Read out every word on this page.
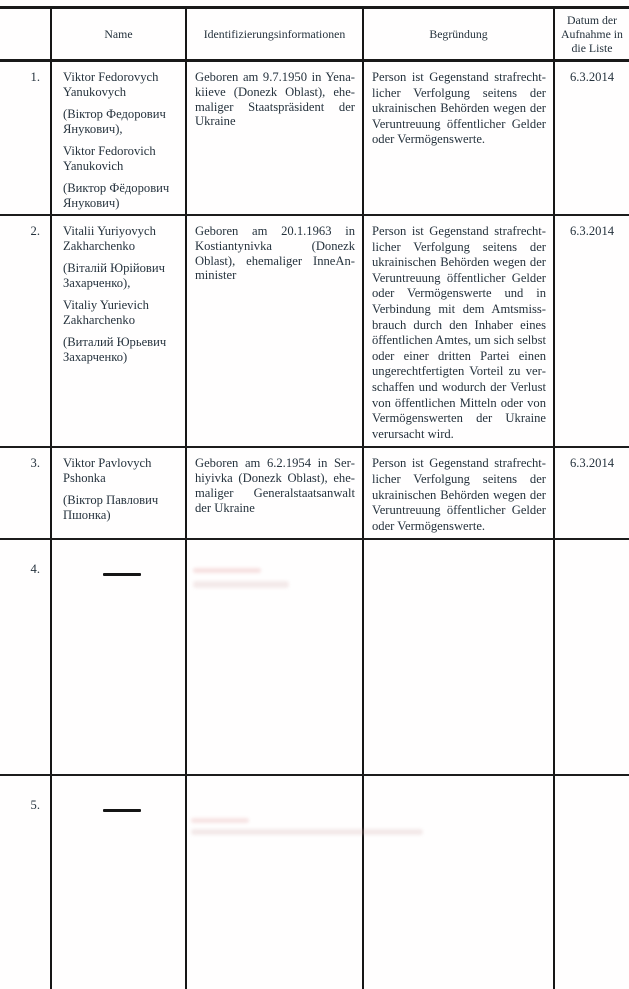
	Name	Identifizierungsinformationen	Begründung	Datum der Aufnahme in die Liste
1.	Viktor Fedorovych Yanukovych

(Віктор Федорович Янукович),

Viktor Fedorovich Yanukovich

(Виктор Фёдорович Янукович)	Geboren am 9.7.1950 in Yenakiieve (Donezk Oblast), ehemaliger Staatspräsident der Ukraine	Person ist Gegenstand strafrechtlicher Verfolgung seitens der ukrainischen Behörden wegen der Veruntreuung öffentlicher Gelder oder Vermögenswerte.	6.3.2014
2.	Vitalii Yuriyovych Zakharchenko

(Віталій Юрійович Захарченко),

Vitaliy Yurievich Zakharchenko

(Виталий Юрьевич Захарченко)

	Geboren am 20.1.1963 in Kostiantynivka (Donezk Oblast), ehemaliger InneAnminister	Person ist Gegenstand strafrechtlicher Verfolgung seitens der ukrainischen Behörden wegen der Veruntreuung öffentlicher Gelder oder Vermögenswerte und in Verbindung mit dem Amtsmissbrauch durch den Inhaber eines öffentlichen Amtes, um sich selbst oder einer dritten Partei einen ungerechtfertigten Vorteil zu verschaffen und wodurch der Verlust von öffentlichen Mitteln oder von Vermögenswerten der Ukraine verursacht wird.	6.3.2014
3.	Viktor Pavlovych Pshonka

(Віктор Павлович Пшонка)	Geboren am 6.2.1954 in Serhiyivka (Donezk Oblast), ehemaliger Generalstaatsanwalt der Ukraine	Person ist Gegenstand strafrechtlicher Verfolgung seitens der ukrainischen Behörden wegen der Veruntreuung öffentlicher Gelder oder Vermögenswerte.	6.3.2014
4.	

5.	
